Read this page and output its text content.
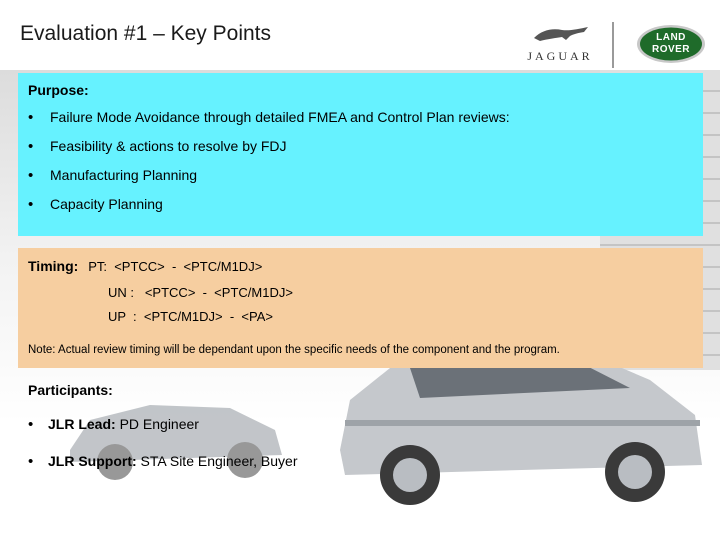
Evaluation #1 – Key Points
JAGUAR
LAND
ROVER
Purpose:
• Failure Mode Avoidance through detailed FMEA and Control Plan reviews:
• Feasibility & actions to resolve by FDJ
• Manufacturing Planning
• Capacity Planning
Timing: PT:  <PTCC>  -  <PTC/M1DJ>
UN :   <PTCC>  -  <PTC/M1DJ>
UP  :  <PTC/M1DJ>  -  <PA>
Note: Actual review timing will be dependant upon the specific needs of the component and the program.
Participants:
• JLR Lead: PD Engineer
• JLR Support: STA Site Engineer, Buyer
